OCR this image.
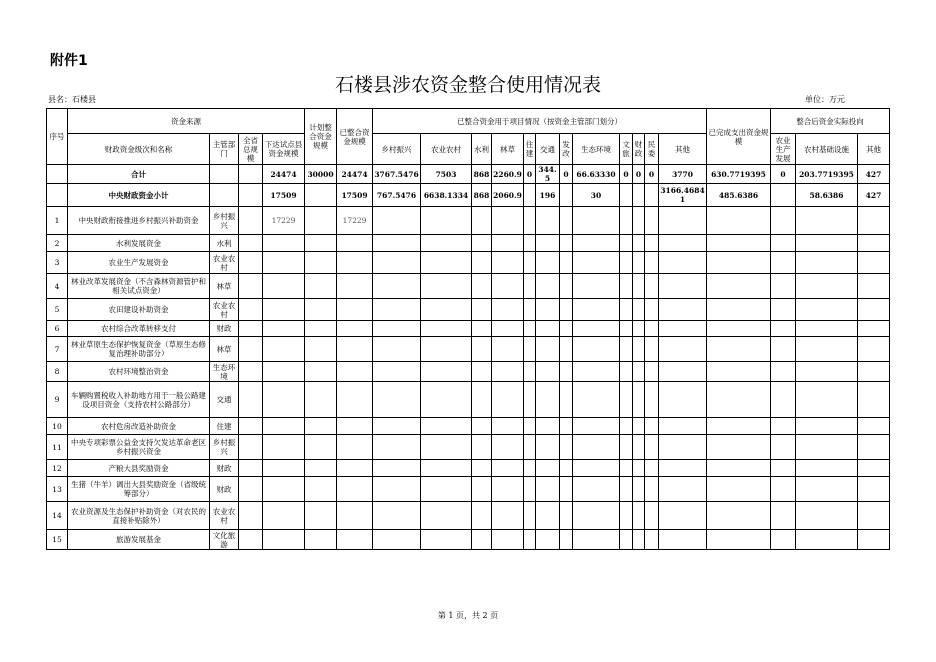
附件1
石楼县涉农资金整合使用情况表
县名：石楼县	单位：万元
序号	资金来源				计划整合资金规模	已整合资金规模	已整合资金用于项目情况（按资金主管部门划分）												已完成支出资金规模	整合后资金实际投向		
	财政资金级次和名称	主管部门	全省总规模	下达试点县资金规模			乡村振兴	农业农村	水利	林草	住建	交通	发改	生态环境	文旅	财政	民委	其他		农业生产发展	农村基础设施	其他
	合计			24474	30000	24474	3767.5476	7503	868	2260.9	0	344.5	0	66.63330	0	0	0	3770	630.7719395	0	203.7719395	427
	中央财政资金小计			17509		17509	767.5476	6638.1334	868	2060.9		196		30				3166.46841	485.6386		58.6386	427
1	中央财政衔接推进乡村振兴补助资金	乡村振兴		17229		17229																
2	水利发展资金	水利																				
3	农业生产发展资金	农业农村																				
4	林业改革发展资金（不含森林资源管护和相关试点资金）	林草																				
5	农田建设补助资金	农业农村																				
6	农村综合改革转移支付	财政																				
7	林业草原生态保护恢复资金（草原生态修复治理补助部分）	林草																				
8	农村环境整治资金	生态环境																				
9	车辆购置税收入补助地方用于一般公路建设项目资金（支持农村公路部分）	交通																				
10	农村危房改造补助资金	住建																				
11	中央专项彩票公益金支持欠发达革命老区乡村振兴资金	乡村振兴																				
12	产粮大县奖励资金	财政																				
13	生猪（牛羊）调出大县奖励资金（省级统筹部分）	财政																				
14	农业资源及生态保护补助资金（对农民的直接补贴除外）	农业农村																				
15	旅游发展基金	文化旅游																				
第 1 页，共 2 页
